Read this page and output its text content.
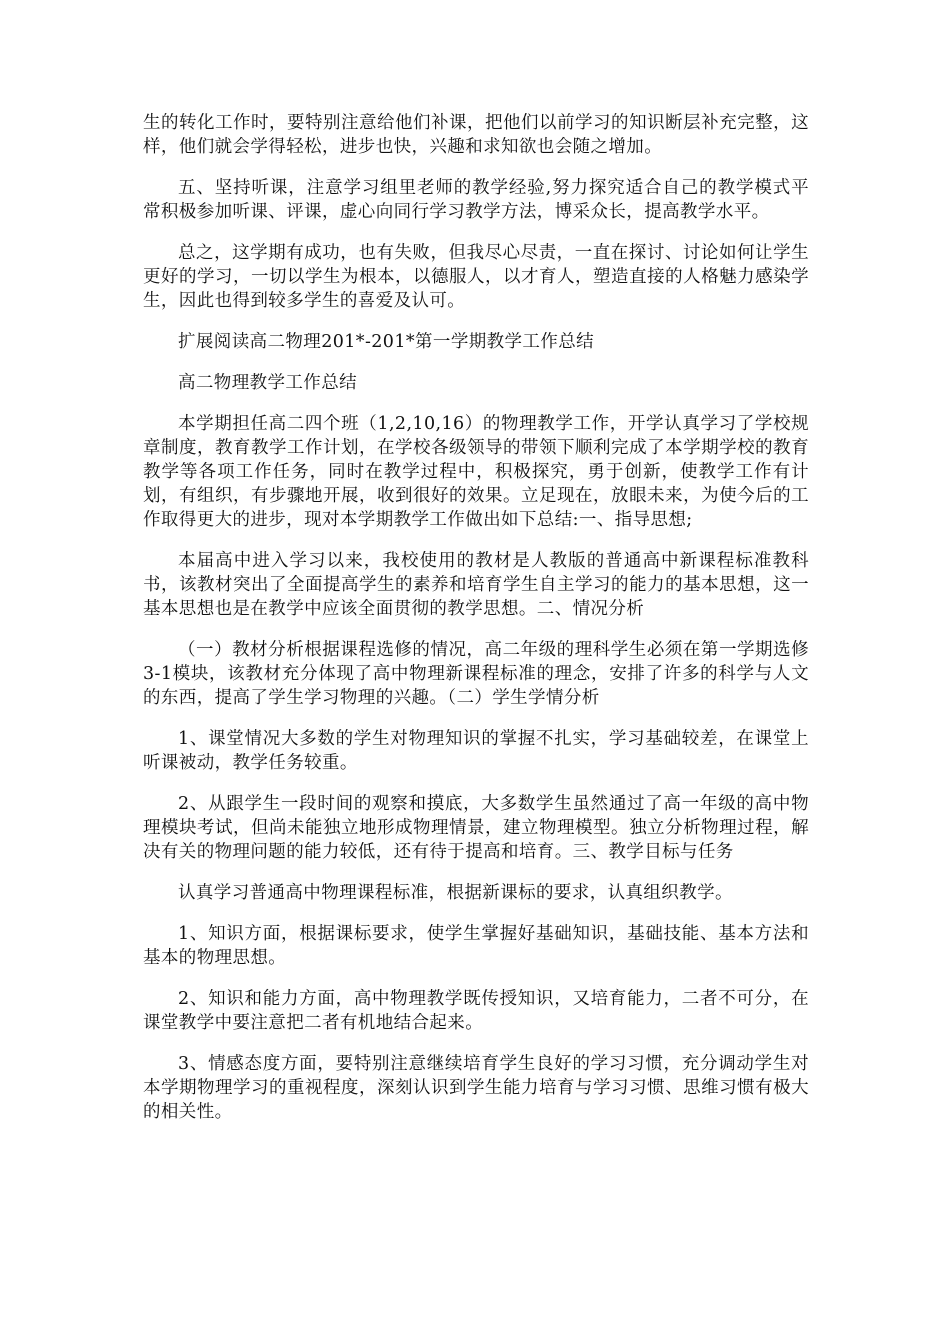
生的转化工作时，要特别注意给他们补课，把他们以前学习的知识断层补充完整，这样，他们就会学得轻松，进步也快，兴趣和求知欲也会随之增加。

五、坚持听课，注意学习组里老师的教学经验,努力探究适合自己的教学模式平常积极参加听课、评课，虚心向同行学习教学方法，博采众长，提高教学水平。

总之，这学期有成功，也有失败，但我尽心尽责，一直在探讨、讨论如何让学生更好的学习，一切以学生为根本，以德服人，以才育人，塑造直接的人格魅力感染学生，因此也得到较多学生的喜爱及认可。

扩展阅读高二物理201*-201*第一学期教学工作总结

高二物理教学工作总结

本学期担任高二四个班（1,2,10,16）的物理教学工作，开学认真学习了学校规章制度，教育教学工作计划，在学校各级领导的带领下顺利完成了本学期学校的教育教学等各项工作任务，同时在教学过程中，积极探究，勇于创新，使教学工作有计划，有组织，有步骤地开展，收到很好的效果。立足现在，放眼未来，为使今后的工作取得更大的进步，现对本学期教学工作做出如下总结:一、指导思想;

本届高中进入学习以来，我校使用的教材是人教版的普通高中新课程标准教科书，该教材突出了全面提高学生的素养和培育学生自主学习的能力的基本思想，这一基本思想也是在教学中应该全面贯彻的教学思想。二、情况分析

（一）教材分析根据课程选修的情况，高二年级的理科学生必须在第一学期选修3-1模块，该教材充分体现了高中物理新课程标准的理念，安排了许多的科学与人文的东西，提高了学生学习物理的兴趣。（二）学生学情分析

1、课堂情况大多数的学生对物理知识的掌握不扎实，学习基础较差，在课堂上听课被动，教学任务较重。

2、从跟学生一段时间的观察和摸底，大多数学生虽然通过了高一年级的高中物理模块考试，但尚未能独立地形成物理情景，建立物理模型。独立分析物理过程，解决有关的物理问题的能力较低，还有待于提高和培育。三、教学目标与任务

认真学习普通高中物理课程标准，根据新课标的要求，认真组织教学。

1、知识方面，根据课标要求，使学生掌握好基础知识，基础技能、基本方法和基本的物理思想。

2、知识和能力方面，高中物理教学既传授知识，又培育能力，二者不可分，在课堂教学中要注意把二者有机地结合起来。

3、情感态度方面，要特别注意继续培育学生良好的学习习惯，充分调动学生对本学期物理学习的重视程度，深刻认识到学生能力培育与学习习惯、思维习惯有极大的相关性。
